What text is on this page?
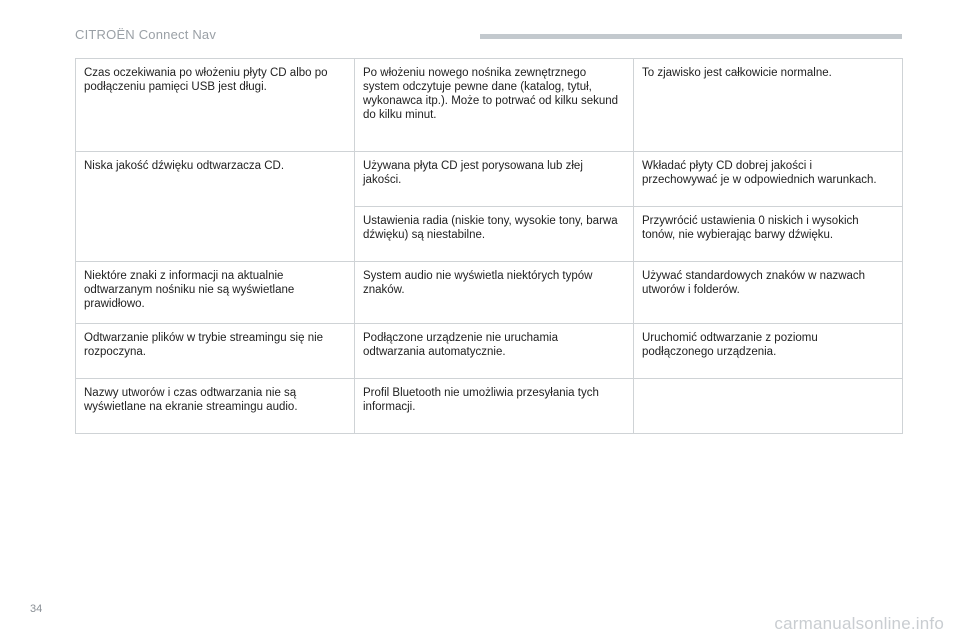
CITROËN Connect Nav
Czas oczekiwania po włożeniu płyty CD albo po podłączeniu pamięci USB jest długi.	Po włożeniu nowego nośnika zewnętrznego system odczytuje pewne dane (katalog, tytuł, wykonawca itp.). Może to potrwać od kilku sekund do kilku minut.	To zjawisko jest całkowicie normalne.
Niska jakość dźwięku odtwarzacza CD.	Używana płyta CD jest porysowana lub złej jakości.	Wkładać płyty CD dobrej jakości i przechowywać je w odpowiednich warunkach.
	Ustawienia radia (niskie tony, wysokie tony, barwa dźwięku) są niestabilne.	Przywrócić ustawienia 0 niskich i wysokich tonów, nie wybierając barwy dźwięku.
Niektóre znaki z informacji na aktualnie odtwarzanym nośniku nie są wyświetlane prawidłowo.	System audio nie wyświetla niektórych typów znaków.	Używać standardowych znaków w nazwach utworów i folderów.
Odtwarzanie plików w trybie streamingu się nie rozpoczyna.	Podłączone urządzenie nie uruchamia odtwarzania automatycznie.	Uruchomić odtwarzanie z poziomu podłączonego urządzenia.
Nazwy utworów i czas odtwarzania nie są wyświetlane na ekranie streamingu audio.	Profil Bluetooth nie umożliwia przesyłania tych informacji.	
34
carmanualsonline.info
